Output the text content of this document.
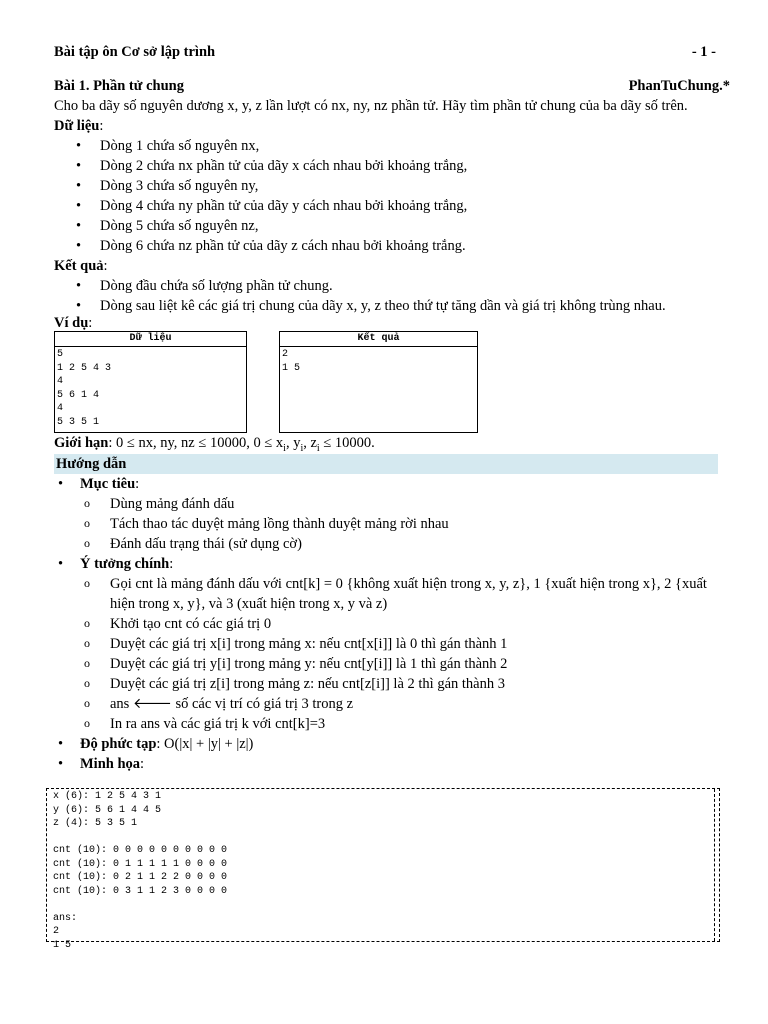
Bài tập ôn Cơ sở lập trình	- 1 -
Bài 1. Phần tử chung	PhanTuChung.*

Cho ba dãy số nguyên dương x, y, z lần lượt có nx, ny, nz phần tử. Hãy tìm phần tử chung của ba dãy số trên.

Dữ liệu:
• Dòng 1 chứa số nguyên nx,
• Dòng 2 chứa nx phần tử của dãy x cách nhau bởi khoảng trắng,
• Dòng 3 chứa số nguyên ny,
• Dòng 4 chứa ny phần tử của dãy y cách nhau bởi khoảng trắng,
• Dòng 5 chứa số nguyên nz,
• Dòng 6 chứa nz phần tử của dãy z cách nhau bởi khoảng trắng.
Kết quả:
• Dòng đầu chứa số lượng phần tử chung.
• Dòng sau liệt kê các giá trị chung của dãy x, y, z theo thứ tự tăng dần và giá trị không trùng nhau.
Ví dụ:
Dữ liệu
5
1 2 5 4 3
4
5 6 1 4
4
5 3 5 1
Kết quả
2
1 5
Giới hạn: 0 ≤ nx, ny, nz ≤ 10000, $0 \le x_i$, $y_i$, $z_i \le 10000$.
Hướng dẫn
• Mục tiêu:
o Dùng mảng đánh dấu
o Tách thao tác duyệt mảng lồng thành duyệt mảng rời nhau
o Đánh dấu trạng thái (sử dụng cờ)
• Ý tưởng chính:
o Gọi cnt là mảng đánh dấu với cnt[k] = 0 {không xuất hiện trong x, y, z}, 1 {xuất hiện trong x}, 2 {xuất hiện trong x, y}, và 3 (xuất hiện trong x, y và z)
o Khởi tạo cnt có các giá trị 0
o Duyệt các giá trị x[i] trong mảng x: nếu cnt[x[i]] là 0 thì gán thành 1
o Duyệt các giá trị y[i] trong mảng y: nếu cnt[y[i]] là 1 thì gán thành 2
o Duyệt các giá trị z[i] trong mảng z: nếu cnt[z[i]] là 2 thì gán thành 3
o ans 🡐 số các vị trí có giá trị 3 trong z
o In ra ans và các giá trị k với cnt[k]=3
• Độ phức tạp: O(|x| + |y| + |z|)
• Minh họa:
x (6): 1 2 5 4 3 1
y (6): 5 6 1 4 4 5
z (4): 5 3 5 1
cnt (10): 0 0 0 0 0 0 0 0 0 0
cnt (10): 0 1 1 1 1 1 0 0 0 0
cnt (10): 0 2 1 1 2 2 0 0 0 0
cnt (10): 0 3 1 1 2 3 0 0 0 0
ans:
2
1 5
